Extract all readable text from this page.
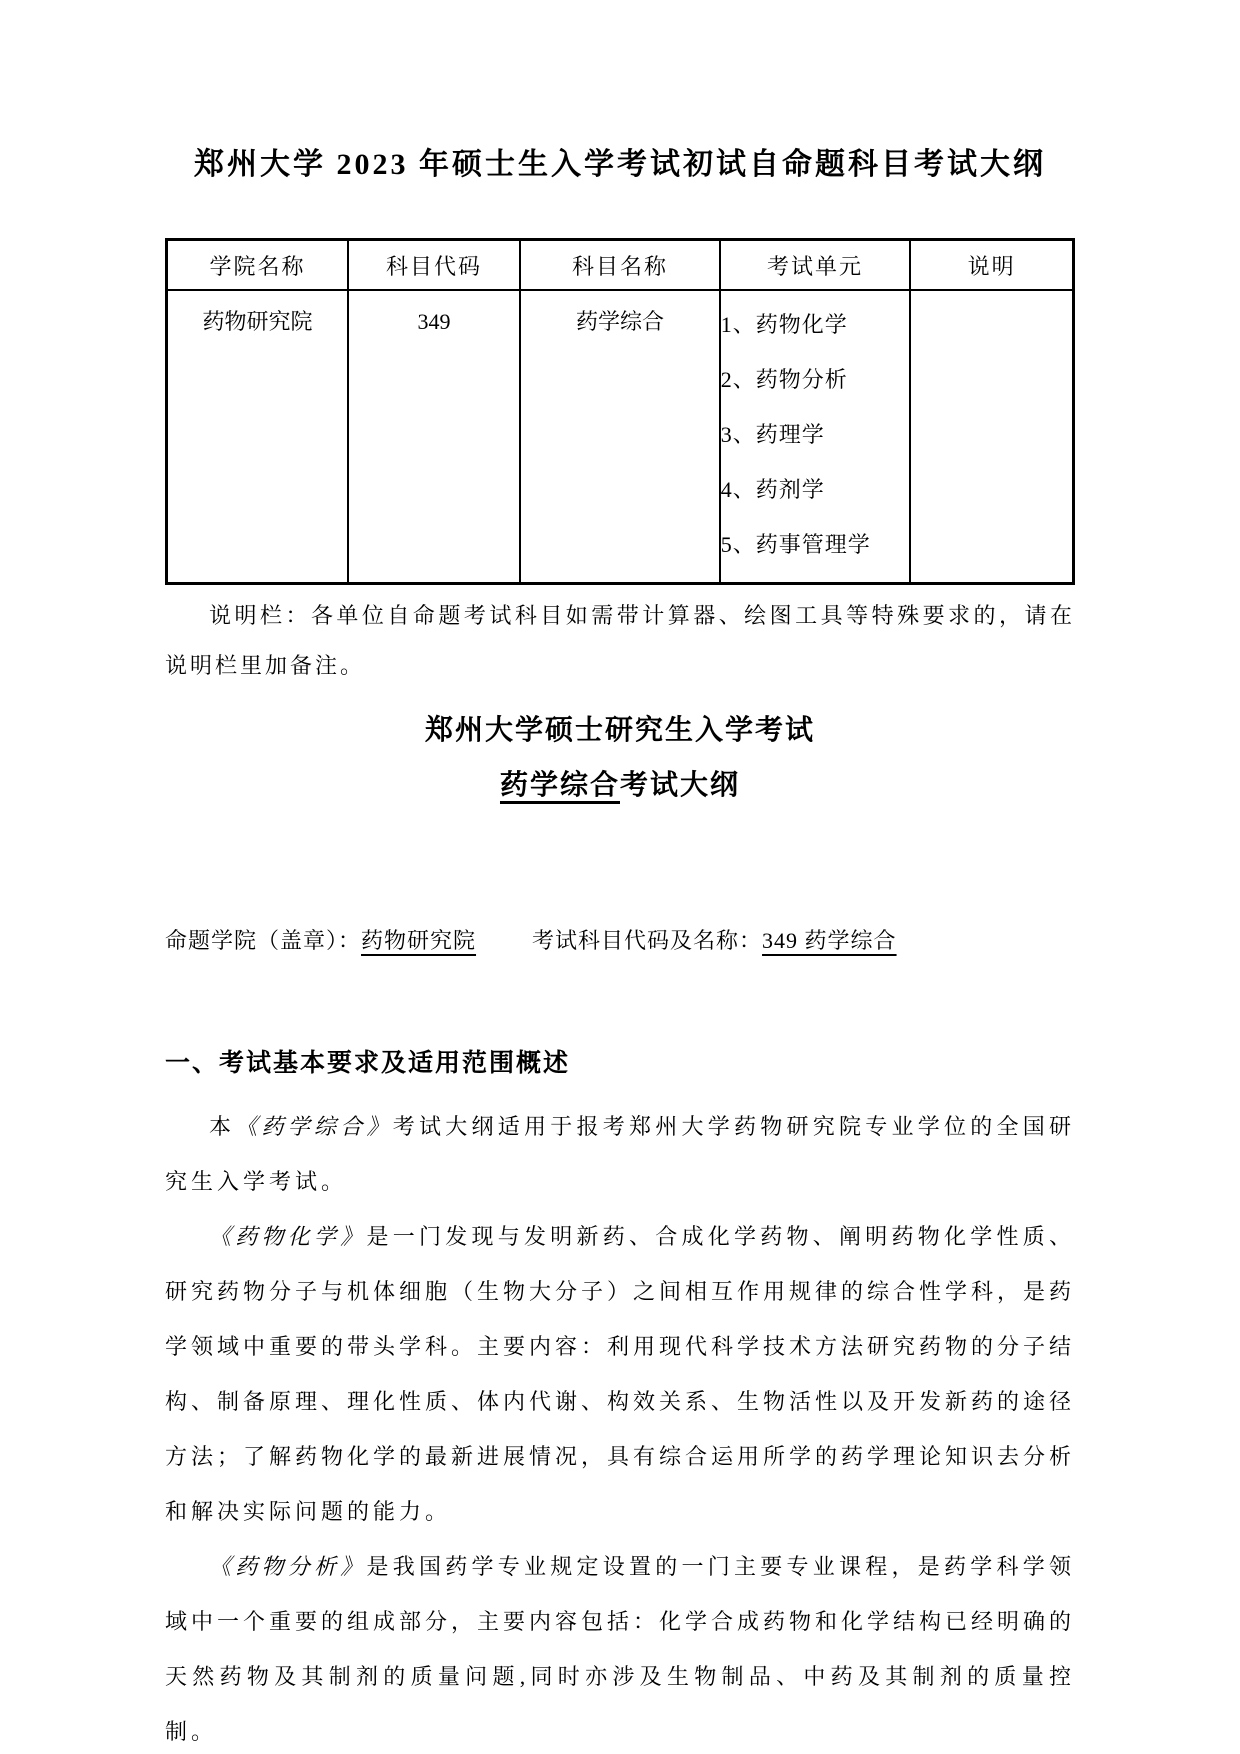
郑州大学 2023 年硕士生入学考试初试自命题科目考试大纲
学院名称	科目代码	科目名称	考试单元	说明

药物研究院	349	药学综合	1、药物化学
2、药物分析
3、药理学
4、药剂学
5、药事管理学	

说明栏：各单位自命题考试科目如需带计算器、绘图工具等特殊要求的，请在说明栏里加备注。

郑州大学硕士研究生入学考试
药学综合考试大纲
命题学院（盖章）： 药物研究院	考试科目代码及名称： 349 药学综合
一、考试基本要求及适用范围概述

本《药学综合》考试大纲适用于报考郑州大学药物研究院专业学位的全国研究生入学考试。

《药物化学》是一门发现与发明新药、合成化学药物、阐明药物化学性质、研究药物分子与机体细胞（生物大分子）之间相互作用规律的综合性学科，是药学领域中重要的带头学科。主要内容：利用现代科学技术方法研究药物的分子结构、制备原理、理化性质、体内代谢、构效关系、生物活性以及开发新药的途径方法；了解药物化学的最新进展情况，具有综合运用所学的药学理论知识去分析和解决实际问题的能力。

《药物分析》是我国药学专业规定设置的一门主要专业课程，是药学科学领域中一个重要的组成部分，主要内容包括：化学合成药物和化学结构已经明确的天然药物及其制剂的质量问题,同时亦涉及生物制品、中药及其制剂的质量控制。
